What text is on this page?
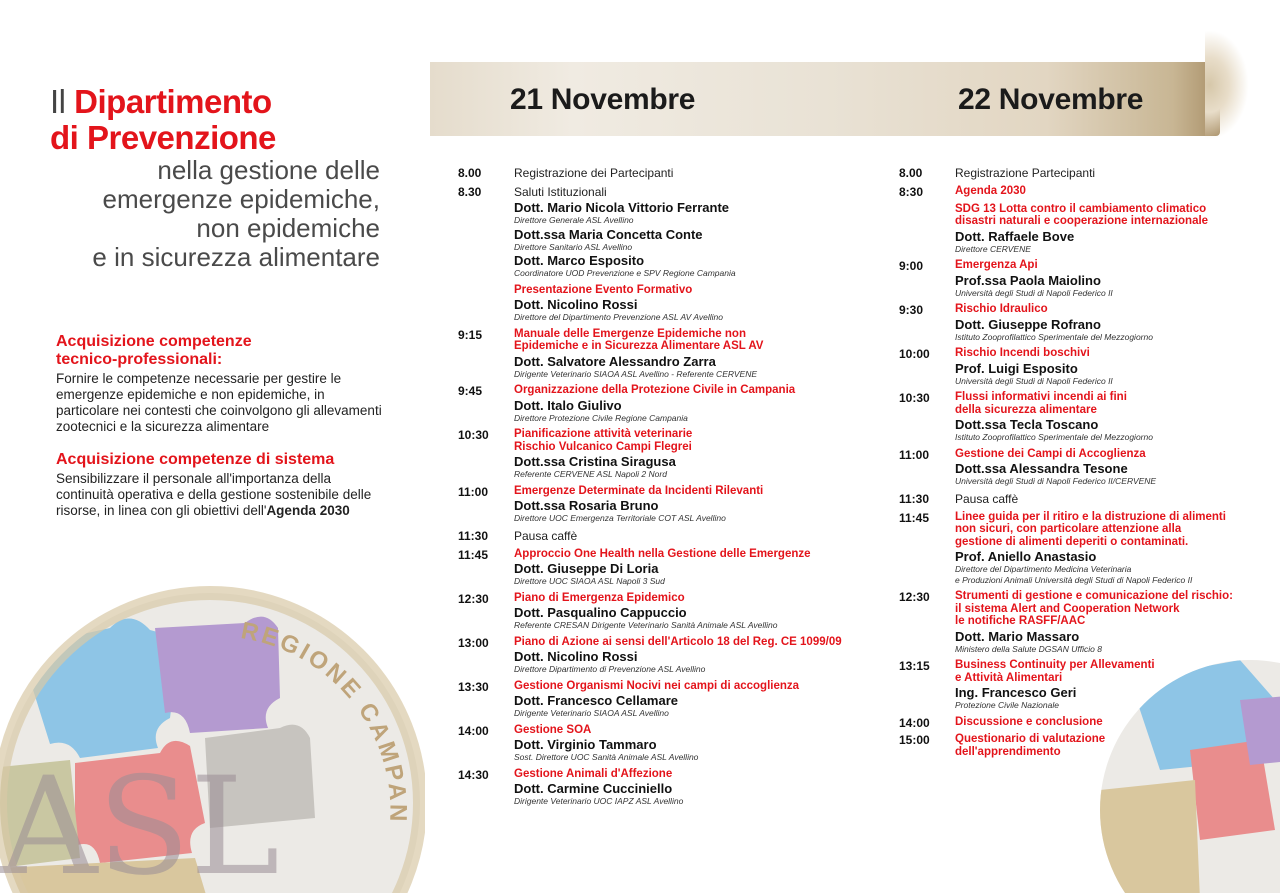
Il Dipartimento
di Prevenzione
nella gestione delle
emergenze epidemiche,
non epidemiche
e in sicurezza alimentare
Acquisizione competenze
tecnico-professionali:
Fornire le competenze necessarie per gestire le emergenze epidemiche e non epidemiche, in particolare nei contesti che coinvolgono gli allevamenti zootecnici e la sicurezza alimentare
Acquisizione competenze di sistema
Sensibilizzare il personale all'importanza della continuità operativa e della gestione sostenibile delle risorse, in linea con gli obiettivi dell'Agenda 2030
ASL
REGIONE CAMPAN
21 Novembre	22 Novembre
8.00	Registrazione dei Partecipanti
8.30	Saluti Istituzionali
Dott. Mario Nicola Vittorio Ferrante
Direttore Generale ASL Avellino
Dott.ssa Maria Concetta Conte
Direttore Sanitario ASL Avellino
Dott. Marco Esposito
Coordinatore UOD Prevenzione e SPV Regione Campania
Presentazione Evento Formativo
Dott. Nicolino Rossi
Direttore del Dipartimento Prevenzione ASL AV Avellino
9:15	Manuale delle Emergenze Epidemiche non
Epidemiche e in Sicurezza Alimentare ASL AV
Dott. Salvatore Alessandro Zarra
Dirigente Veterinario SIAOA ASL Avellino - Referente CERVENE
9:45	Organizzazione della Protezione Civile in Campania
Dott. Italo Giulivo
Direttore Protezione Civile Regione Campania
10:30 Pianificazione attività veterinarie
Rischio Vulcanico Campi Flegrei
Dott.ssa Cristina Siragusa
Referente CERVENE ASL Napoli 2 Nord
11:00 Emergenze Determinate da Incidenti Rilevanti
Dott.ssa Rosaria Bruno
Direttore UOC Emergenza Territoriale COT ASL Avellino
11:30 Pausa caffè
11:45 Approccio One Health nella Gestione delle Emergenze
Dott. Giuseppe Di Loria
Direttore UOC SIAOA ASL Napoli 3 Sud
12:30 Piano di Emergenza Epidemico
Dott. Pasqualino Cappuccio
Referente CRESAN Dirigente Veterinario Sanità Animale ASL Avellino
13:00 Piano di Azione ai sensi dell'Articolo 18 del Reg. CE 1099/09
Dott. Nicolino Rossi
Direttore Dipartimento di Prevenzione ASL Avellino
13:30 Gestione Organismi Nocivi nei campi di accoglienza
Dott. Francesco Cellamare
Dirigente Veterinario SIAOA ASL Avellino
14:00 Gestione SOA
Dott. Virginio Tammaro
Sost. Direttore UOC Sanità Animale ASL Avellino
14:30 Gestione Animali d'Affezione
Dott. Carmine Cucciniello
Dirigente Veterinario UOC IAPZ ASL Avellino
8.00	Registrazione Partecipanti
8:30	Agenda 2030
SDG 13 Lotta contro il cambiamento climatico
disastri naturali e cooperazione internazionale
Dott. Raffaele Bove
Direttore CERVENE
9:00	Emergenza Api
Prof.ssa Paola Maiolino
Università degli Studi di Napoli Federico II
9:30	Rischio Idraulico
Dott. Giuseppe Rofrano
Istituto Zooprofilattico Sperimentale del Mezzogiorno
10:00 Rischio Incendi boschivi
Prof. Luigi Esposito
Università degli Studi di Napoli Federico II
10:30 Flussi informativi incendi ai fini
della sicurezza alimentare
Dott.ssa Tecla Toscano
Istituto Zooprofilattico Sperimentale del Mezzogiorno
11:00 Gestione dei Campi di Accoglienza
Dott.ssa Alessandra Tesone
Università degli Studi di Napoli Federico II/CERVENE
11:30 Pausa caffè
11:45 Linee guida per il ritiro e la distruzione di alimenti
non sicuri, con particolare attenzione alla
gestione di alimenti deperiti o contaminati.
Prof. Aniello Anastasio
Direttore del Dipartimento Medicina Veterinaria
e Produzioni Animali Università degli Studi di Napoli Federico II
12:30 Strumenti di gestione e comunicazione del rischio:
il sistema Alert and Cooperation Network
le notifiche RASFF/AAC
Dott. Mario Massaro
Ministero della Salute DGSAN Ufficio 8
13:15 Business Continuity per Allevamenti
e Attività Alimentari
Ing. Francesco Geri
Protezione Civile Nazionale
14:00 Discussione e conclusione
15:00 Questionario di valutazione
dell'apprendimento
